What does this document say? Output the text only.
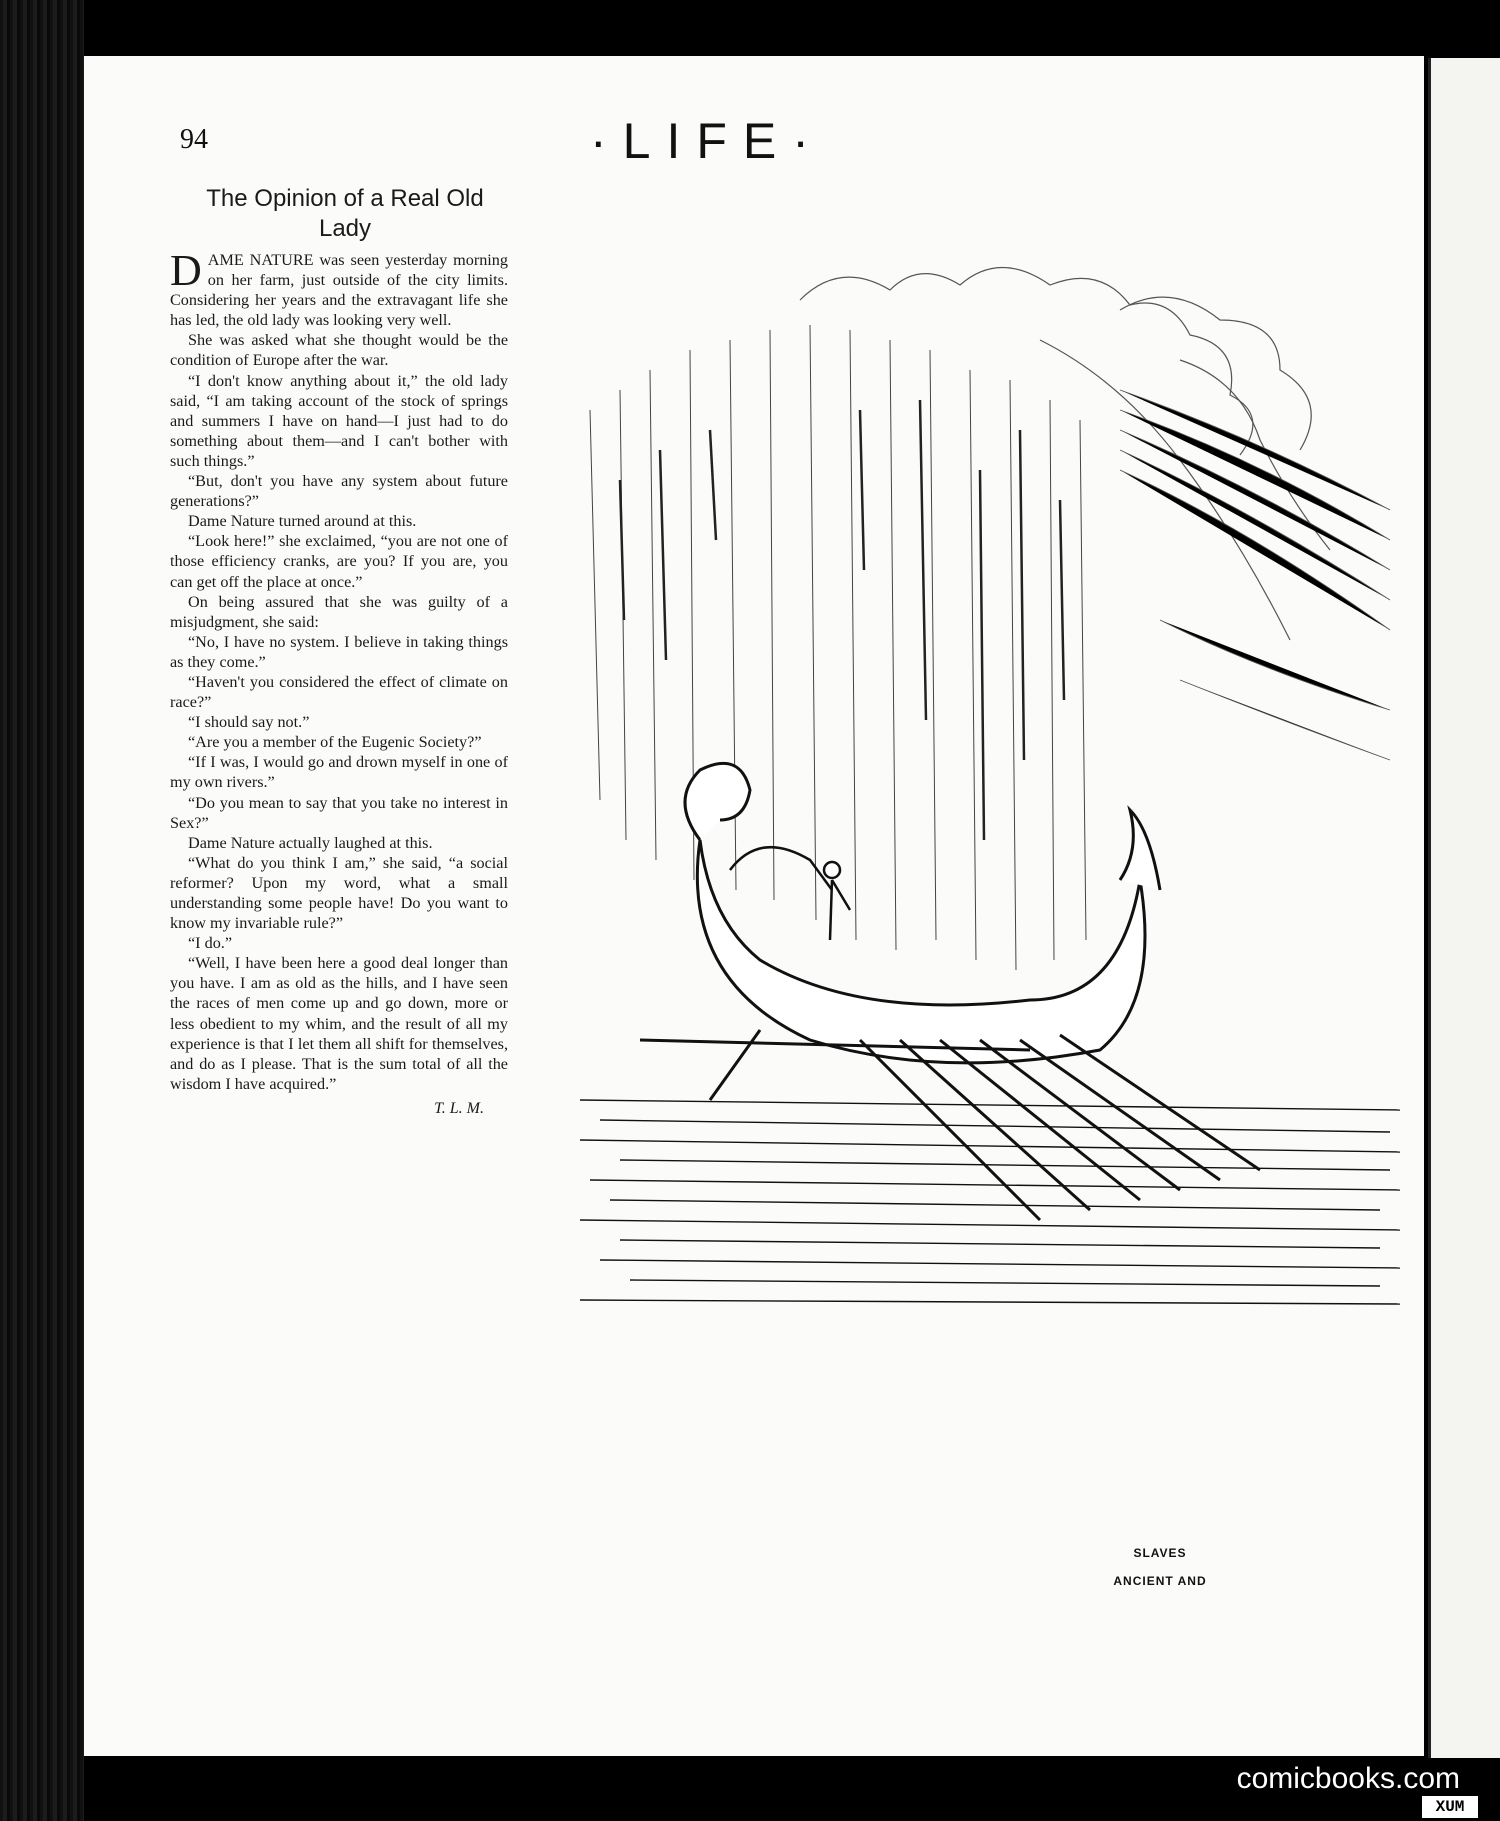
94	·LIFE·
The Opinion of a Real Old Lady

DAME NATURE was seen yesterday morning on her farm, just outside of the city limits. Considering her years and the extravagant life she has led, the old lady was looking very well.

She was asked what she thought would be the condition of Europe after the war.

“I don't know anything about it,” the old lady said, “I am taking account of the stock of springs and summers I have on hand—I just had to do something about them—and I can't bother with such things.”

“But, don't you have any system about future generations?”

Dame Nature turned around at this.

“Look here!” she exclaimed, “you are not one of those efficiency cranks, are you? If you are, you can get off the place at once.”

On being assured that she was guilty of a misjudgment, she said:

“No, I have no system. I believe in taking things as they come.”

“Haven't you considered the effect of climate on race?”

“I should say not.”

“Are you a member of the Eugenic Society?”

“If I was, I would go and drown myself in one of my own rivers.”

“Do you mean to say that you take no interest in Sex?”

Dame Nature actually laughed at this.

“What do you think I am,” she said, “a social reformer? Upon my word, what a small understanding some people have! Do you want to know my invariable rule?”

“I do.”

“Well, I have been here a good deal longer than you have. I am as old as the hills, and I have seen the races of men come up and go down, more or less obedient to my whim, and the result of all my experience is that I let them all shift for themselves, and do as I please. That is the sum total of all the wisdom I have acquired.”

T. L. M.
SLAVES
ANCIENT AND
comicbooks.com
XUM
